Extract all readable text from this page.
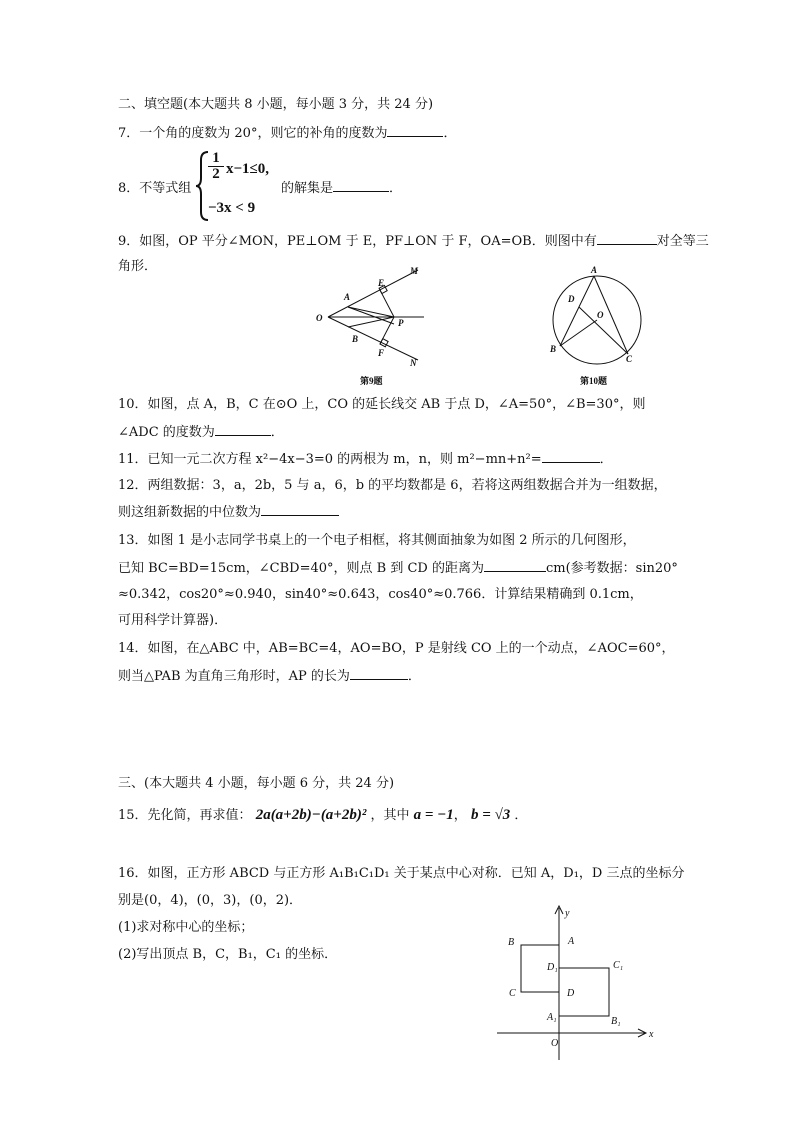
二、填空题(本大题共 8 小题，每小题 3 分，共 24 分)
7．一个角的度数为 20°，则它的补角的度数为	．
8．不等式组
$\frac{1}{2} x-1\le 0$,
−3x < 9
的解集是	．
9．如图，OP 平分∠MON，PE⊥OM 于 E，PF⊥ON 于 F，OA=OB．则图中有	对全等三
角形．
O
A
E
M
P
B
F
N
第9题
A
D
O
B
C
第10题
10．如图，点 A，B，C 在⊙O 上，CO 的延长线交 AB 于点 D，∠A=50°，∠B=30°，则
∠ADC 的度数为	．
11．已知一元二次方程 x²−4x−3=0 的两根为 m，n，则 m²−mn+n²=	．
12．两组数据：3，a，2b，5 与 a，6，b 的平均数都是 6，若将这两组数据合并为一组数据，
则这组新数据的中位数为
13．如图 1 是小志同学书桌上的一个电子相框，将其侧面抽象为如图 2 所示的几何图形，
已知 BC=BD=15cm，∠CBD=40°，则点 B 到 CD 的距离为	cm(参考数据：sin20°
≈0.342，cos20°≈0.940，sin40°≈0.643，cos40°≈0.766．计算结果精确到 0.1cm，
可用科学计算器)．
14．如图，在△ABC 中，AB=BC=4，AO=BO，P 是射线 CO 上的一个动点，∠AOC=60°，
则当△PAB 为直角三角形时，AP 的长为	．
三、(本大题共 4 小题，每小题 6 分，共 24 分)
15．先化简，再求值： 2a(a+2b)−(a+2b)² ，其中 a = −1， b = √3 ．
16．如图，正方形 ABCD 与正方形 A₁B₁C₁D₁ 关于某点中心对称．已知 A，D₁，D 三点的坐标分
别是(0，4)，(0，3)，(0，2)．
(1)求对称中心的坐标；
(2)写出顶点 B，C，B₁，C₁ 的坐标．
y
x
O
A
B
C	D
D₁	C₁
A₁	B₁
